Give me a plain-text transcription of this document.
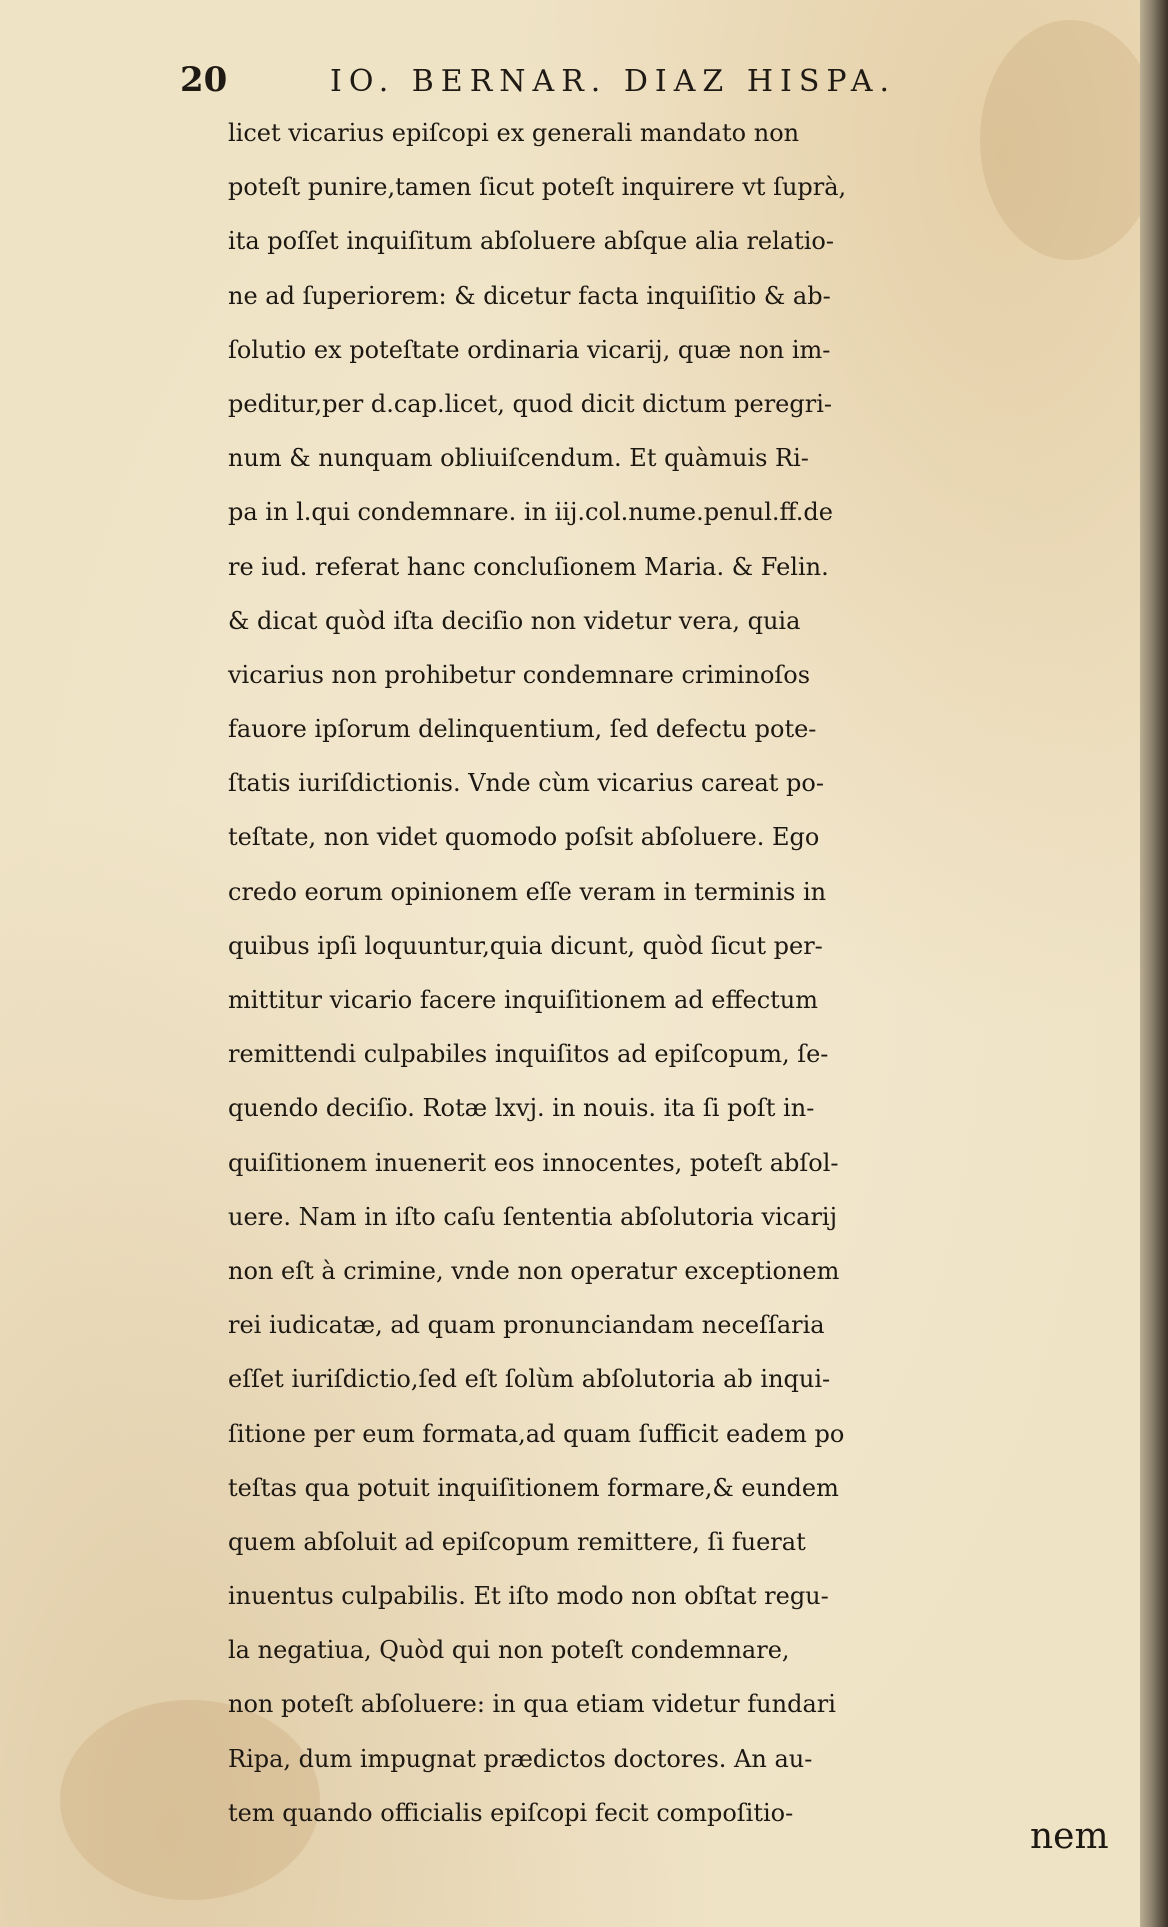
20	IO. BERNAR. DIAZ HISPA.
licet vicarius epiſcopi ex generali mandato non
poteſt punire,tamen ſicut poteſt inquirere vt ſuprà,
ita poſſet inquiſitum abſoluere abſque alia relatio-
ne ad ſuperiorem: & dicetur facta inquiſitio & ab-
ſolutio ex poteſtate ordinaria vicarij, quæ non im-
peditur,per d.cap.licet, quod dicit dictum peregri-
num & nunquam obliuiſcendum. Et quàmuis Ri-
pa in l.qui condemnare. in iij.col.nume.penul.ff.de
re iud. referat hanc concluſionem Maria. & Felin.
& dicat quòd iſta deciſio non videtur vera, quia
vicarius non prohibetur condemnare criminoſos
fauore ipſorum delinquentium, ſed defectu pote-
ſtatis iuriſdictionis. Vnde cùm vicarius careat po-
teſtate, non videt quomodo poſsit abſoluere. Ego
credo eorum opinionem eſſe veram in terminis in
quibus ipſi loquuntur,quia dicunt, quòd ſicut per-
mittitur vicario facere inquiſitionem ad effectum
remittendi culpabiles inquiſitos ad epiſcopum, ſe-
quendo deciſio. Rotæ lxvj. in nouis. ita ſi poſt in-
quiſitionem inuenerit eos innocentes, poteſt abſol-
uere. Nam in iſto caſu ſententia abſolutoria vicarij
non eſt à crimine, vnde non operatur exceptionem
rei iudicatæ, ad quam pronunciandam neceſſaria
eſſet iuriſdictio,ſed eſt ſolùm abſolutoria ab inqui-
ſitione per eum formata,ad quam ſufficit eadem po
teſtas qua potuit inquiſitionem formare,& eundem
quem abſoluit ad epiſcopum remittere, ſi fuerat
inuentus culpabilis. Et iſto modo non obſtat regu-
la negatiua, Quòd qui non poteſt condemnare,
non poteſt abſoluere: in qua etiam videtur fundari
Ripa, dum impugnat prædictos doctores. An au-
tem quando officialis epiſcopi fecit compoſitio-
nem
